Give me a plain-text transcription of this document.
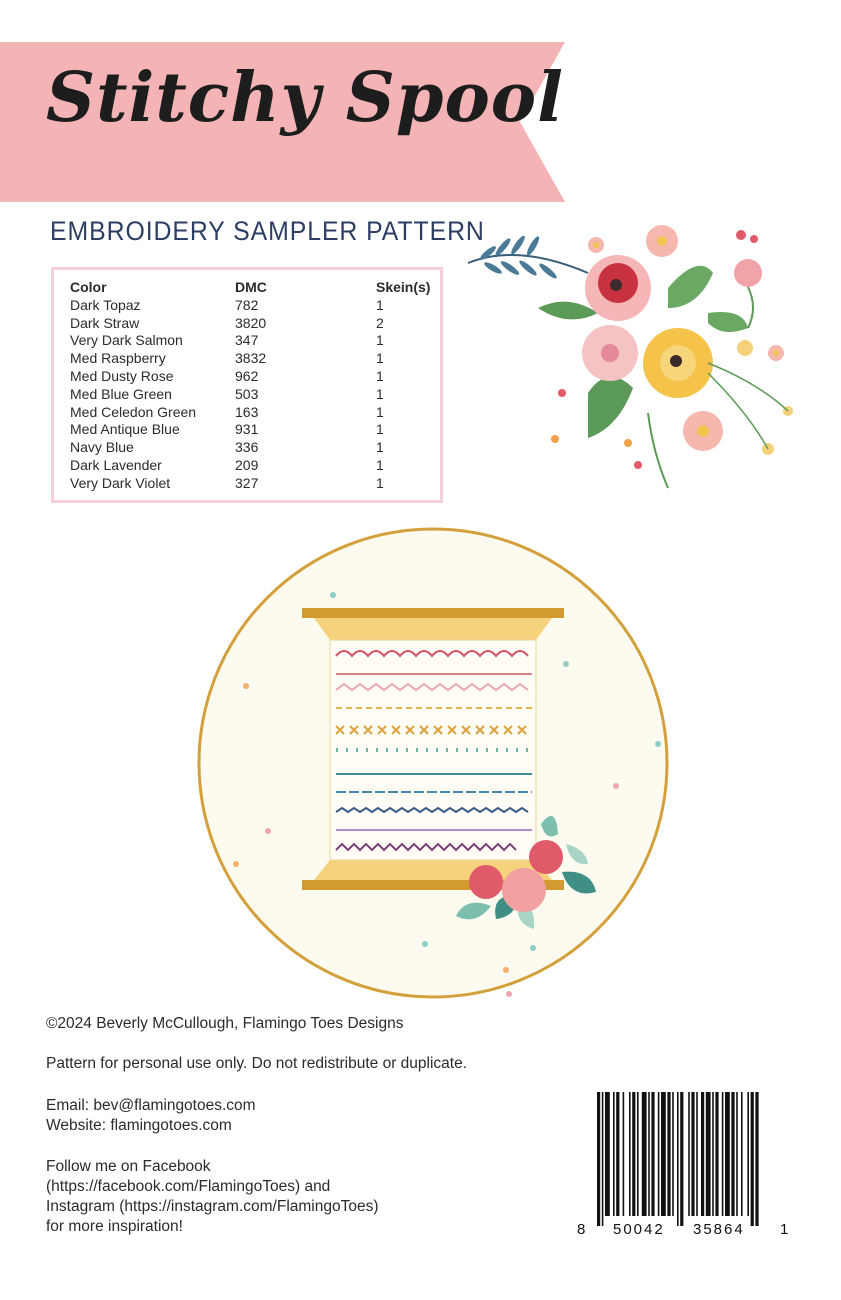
Stitchy Spool
EMBROIDERY SAMPLER PATTERN
Color	DMC	Skein(s)
Dark Topaz	782	1
Dark Straw	3820	2
Very Dark Salmon	347	1
Med Raspberry	3832	1
Med Dusty Rose	962	1
Med Blue Green	503	1
Med Celedon Green	163	1
Med Antique Blue	931	1
Navy Blue	336	1
Dark Lavender	209	1
Very Dark Violet	327	1
©2024 Beverly McCullough, Flamingo Toes Designs
Pattern for personal use only. Do not redistribute or duplicate.
Email: bev@flamingotoes.com
Website: flamingotoes.com
Follow me on Facebook
(https://facebook.com/FlamingoToes) and
Instagram (https://instagram.com/FlamingoToes)
for more inspiration!	8 50042 35864 1
